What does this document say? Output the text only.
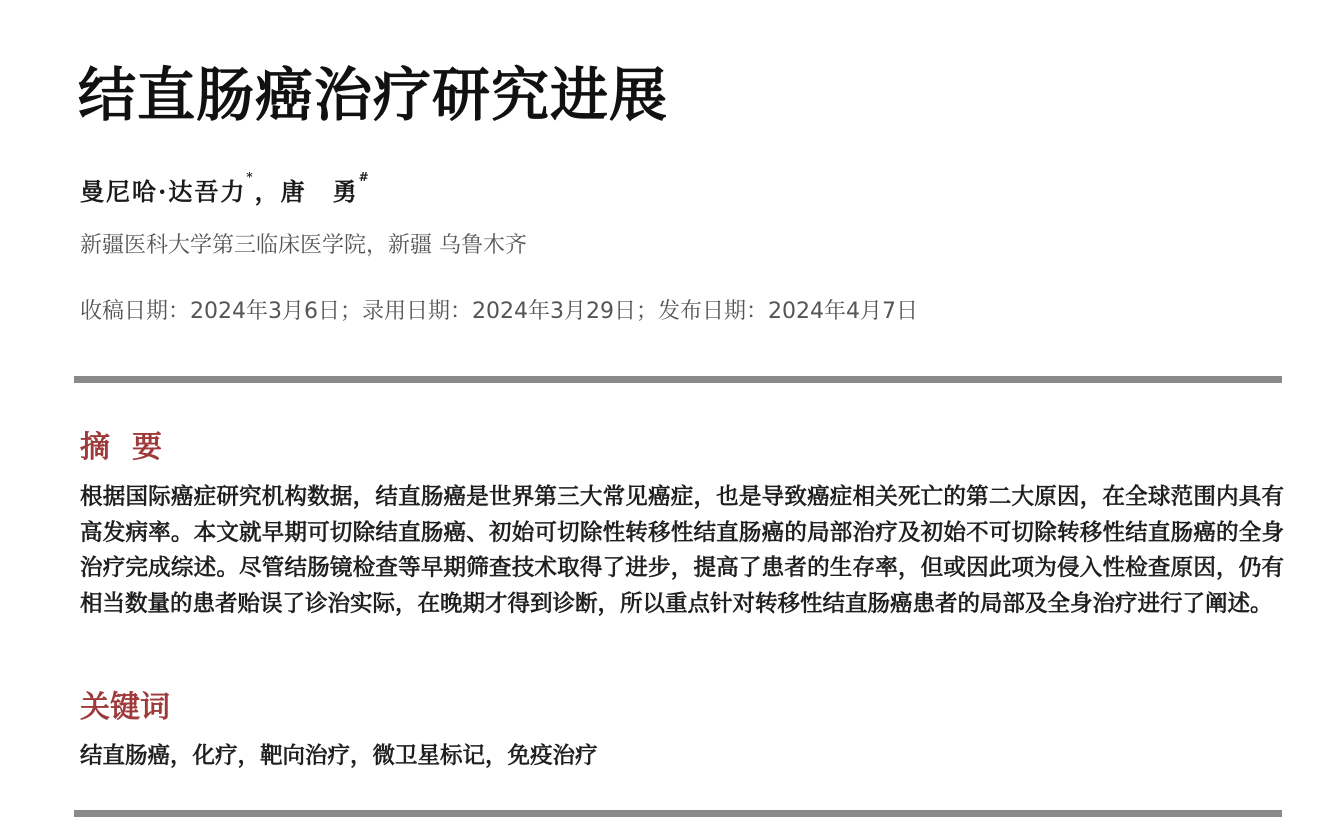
结直肠癌治疗研究进展
曼尼哈·达吾力*，唐　勇#
新疆医科大学第三临床医学院，新疆 乌鲁木齐
收稿日期：2024年3月6日；录用日期：2024年3月29日；发布日期：2024年4月7日
摘要
根据国际癌症研究机构数据，结直肠癌是世界第三大常见癌症，也是导致癌症相关死亡的第二大原因，在全球范围内具有高发病率。本文就早期可切除结直肠癌、初始可切除性转移性结直肠癌的局部治疗及初始不可切除转移性结直肠癌的全身治疗完成综述。尽管结肠镜检查等早期筛查技术取得了进步，提高了患者的生存率，但或因此项为侵入性检查原因，仍有相当数量的患者贻误了诊治实际，在晚期才得到诊断，所以重点针对转移性结直肠癌患者的局部及全身治疗进行了阐述。
关键词
结直肠癌，化疗，靶向治疗，微卫星标记，免疫治疗
